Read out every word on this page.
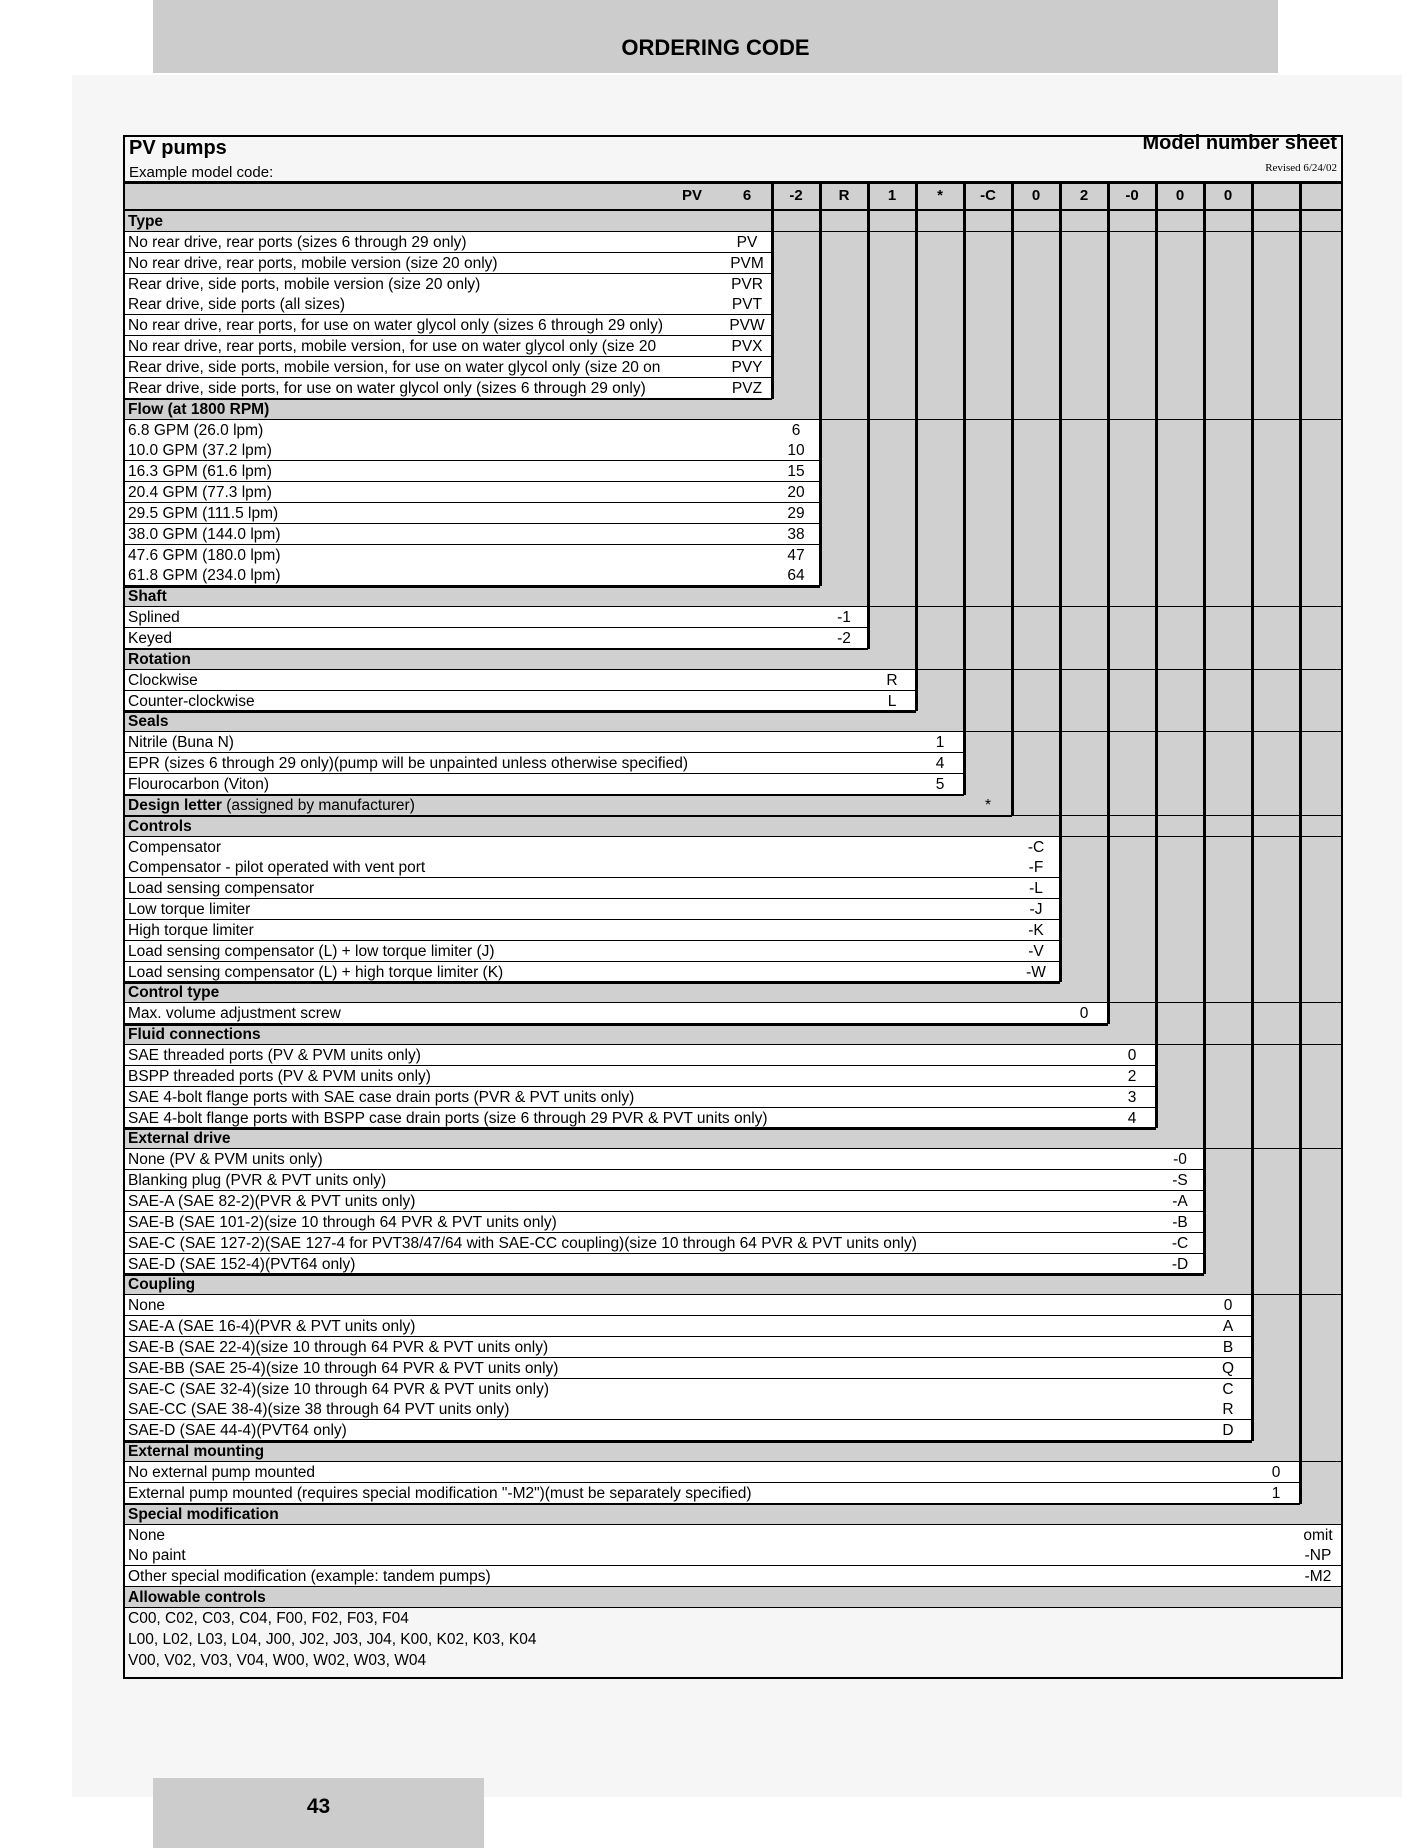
ORDERING CODE
43
PV pumps	Model number sheet
Example model code:	Revised 6/24/02
PV	6	-2	R	1	*	-C	0	2	-0	0	0
Type
No rear drive, rear ports (sizes 6 through 29 only)	PV
No rear drive, rear ports, mobile version (size 20 only)	PVM
Rear drive, side ports, mobile version (size 20 only)	PVR
Rear drive, side ports (all sizes)	PVT
No rear drive, rear ports, for use on water glycol only (sizes 6 through 29 only)	PVW
No rear drive, rear ports, mobile version, for use on water glycol only (size 20	PVX
Rear drive, side ports, mobile version, for use on water glycol only (size 20 on	PVY
Rear drive, side ports, for use on water glycol only (sizes 6 through 29 only)	PVZ
Flow (at 1800 RPM)
6.8 GPM (26.0 lpm)	6
10.0 GPM (37.2 lpm)	10
16.3 GPM (61.6 lpm)	15
20.4 GPM (77.3 lpm)	20
29.5 GPM (111.5 lpm)	29
38.0 GPM (144.0 lpm)	38
47.6 GPM (180.0 lpm)	47
61.8 GPM (234.0 lpm)	64
Shaft
Splined	-1
Keyed	-2
Rotation
Clockwise	R
Counter-clockwise	L
Seals
Nitrile (Buna N)	1
EPR (sizes 6 through 29 only)(pump will be unpainted unless otherwise specified)	4
Flourocarbon (Viton)	5
Design letter (assigned by manufacturer)	*
Controls
Compensator	-C
Compensator - pilot operated with vent port	-F
Load sensing compensator	-L
Low torque limiter	-J
High torque limiter	-K
Load sensing compensator (L) + low torque limiter (J)	-V
Load sensing compensator (L) + high torque limiter (K)	-W
Control type
Max. volume adjustment screw	0
Fluid connections
SAE threaded ports (PV & PVM units only)	0
BSPP threaded ports (PV & PVM units only)	2
SAE 4-bolt flange ports with SAE case drain ports (PVR & PVT units only)	3
SAE 4-bolt flange ports with BSPP case drain ports (size 6 through 29 PVR & PVT units only)	4
External drive
None (PV & PVM units only)	-0
Blanking plug (PVR & PVT units only)	-S
SAE-A (SAE 82-2)(PVR & PVT units only)	-A
SAE-B (SAE 101-2)(size 10 through 64 PVR & PVT units only)	-B
SAE-C (SAE 127-2)(SAE 127-4 for PVT38/47/64 with SAE-CC coupling)(size 10 through 64 PVR & PVT units only)	-C
SAE-D (SAE 152-4)(PVT64 only)	-D
Coupling
None	0
SAE-A (SAE 16-4)(PVR & PVT units only)	A
SAE-B (SAE 22-4)(size 10 through 64 PVR & PVT units only)	B
SAE-BB (SAE 25-4)(size 10 through 64 PVR & PVT units only)	Q
SAE-C (SAE 32-4)(size 10 through 64 PVR & PVT units only)	C
SAE-CC (SAE 38-4)(size 38 through 64 PVT units only)	R
SAE-D (SAE 44-4)(PVT64 only)	D
External mounting
No external pump mounted	0
External pump mounted (requires special modification "-M2")(must be separately specified)	1
Special modification
None	omit
No paint	-NP
Other special modification (example: tandem pumps)	-M2
Allowable controls
C00, C02, C03, C04, F00, F02, F03, F04
L00, L02, L03, L04, J00, J02, J03, J04, K00, K02, K03, K04
V00, V02, V03, V04, W00, W02, W03, W04
